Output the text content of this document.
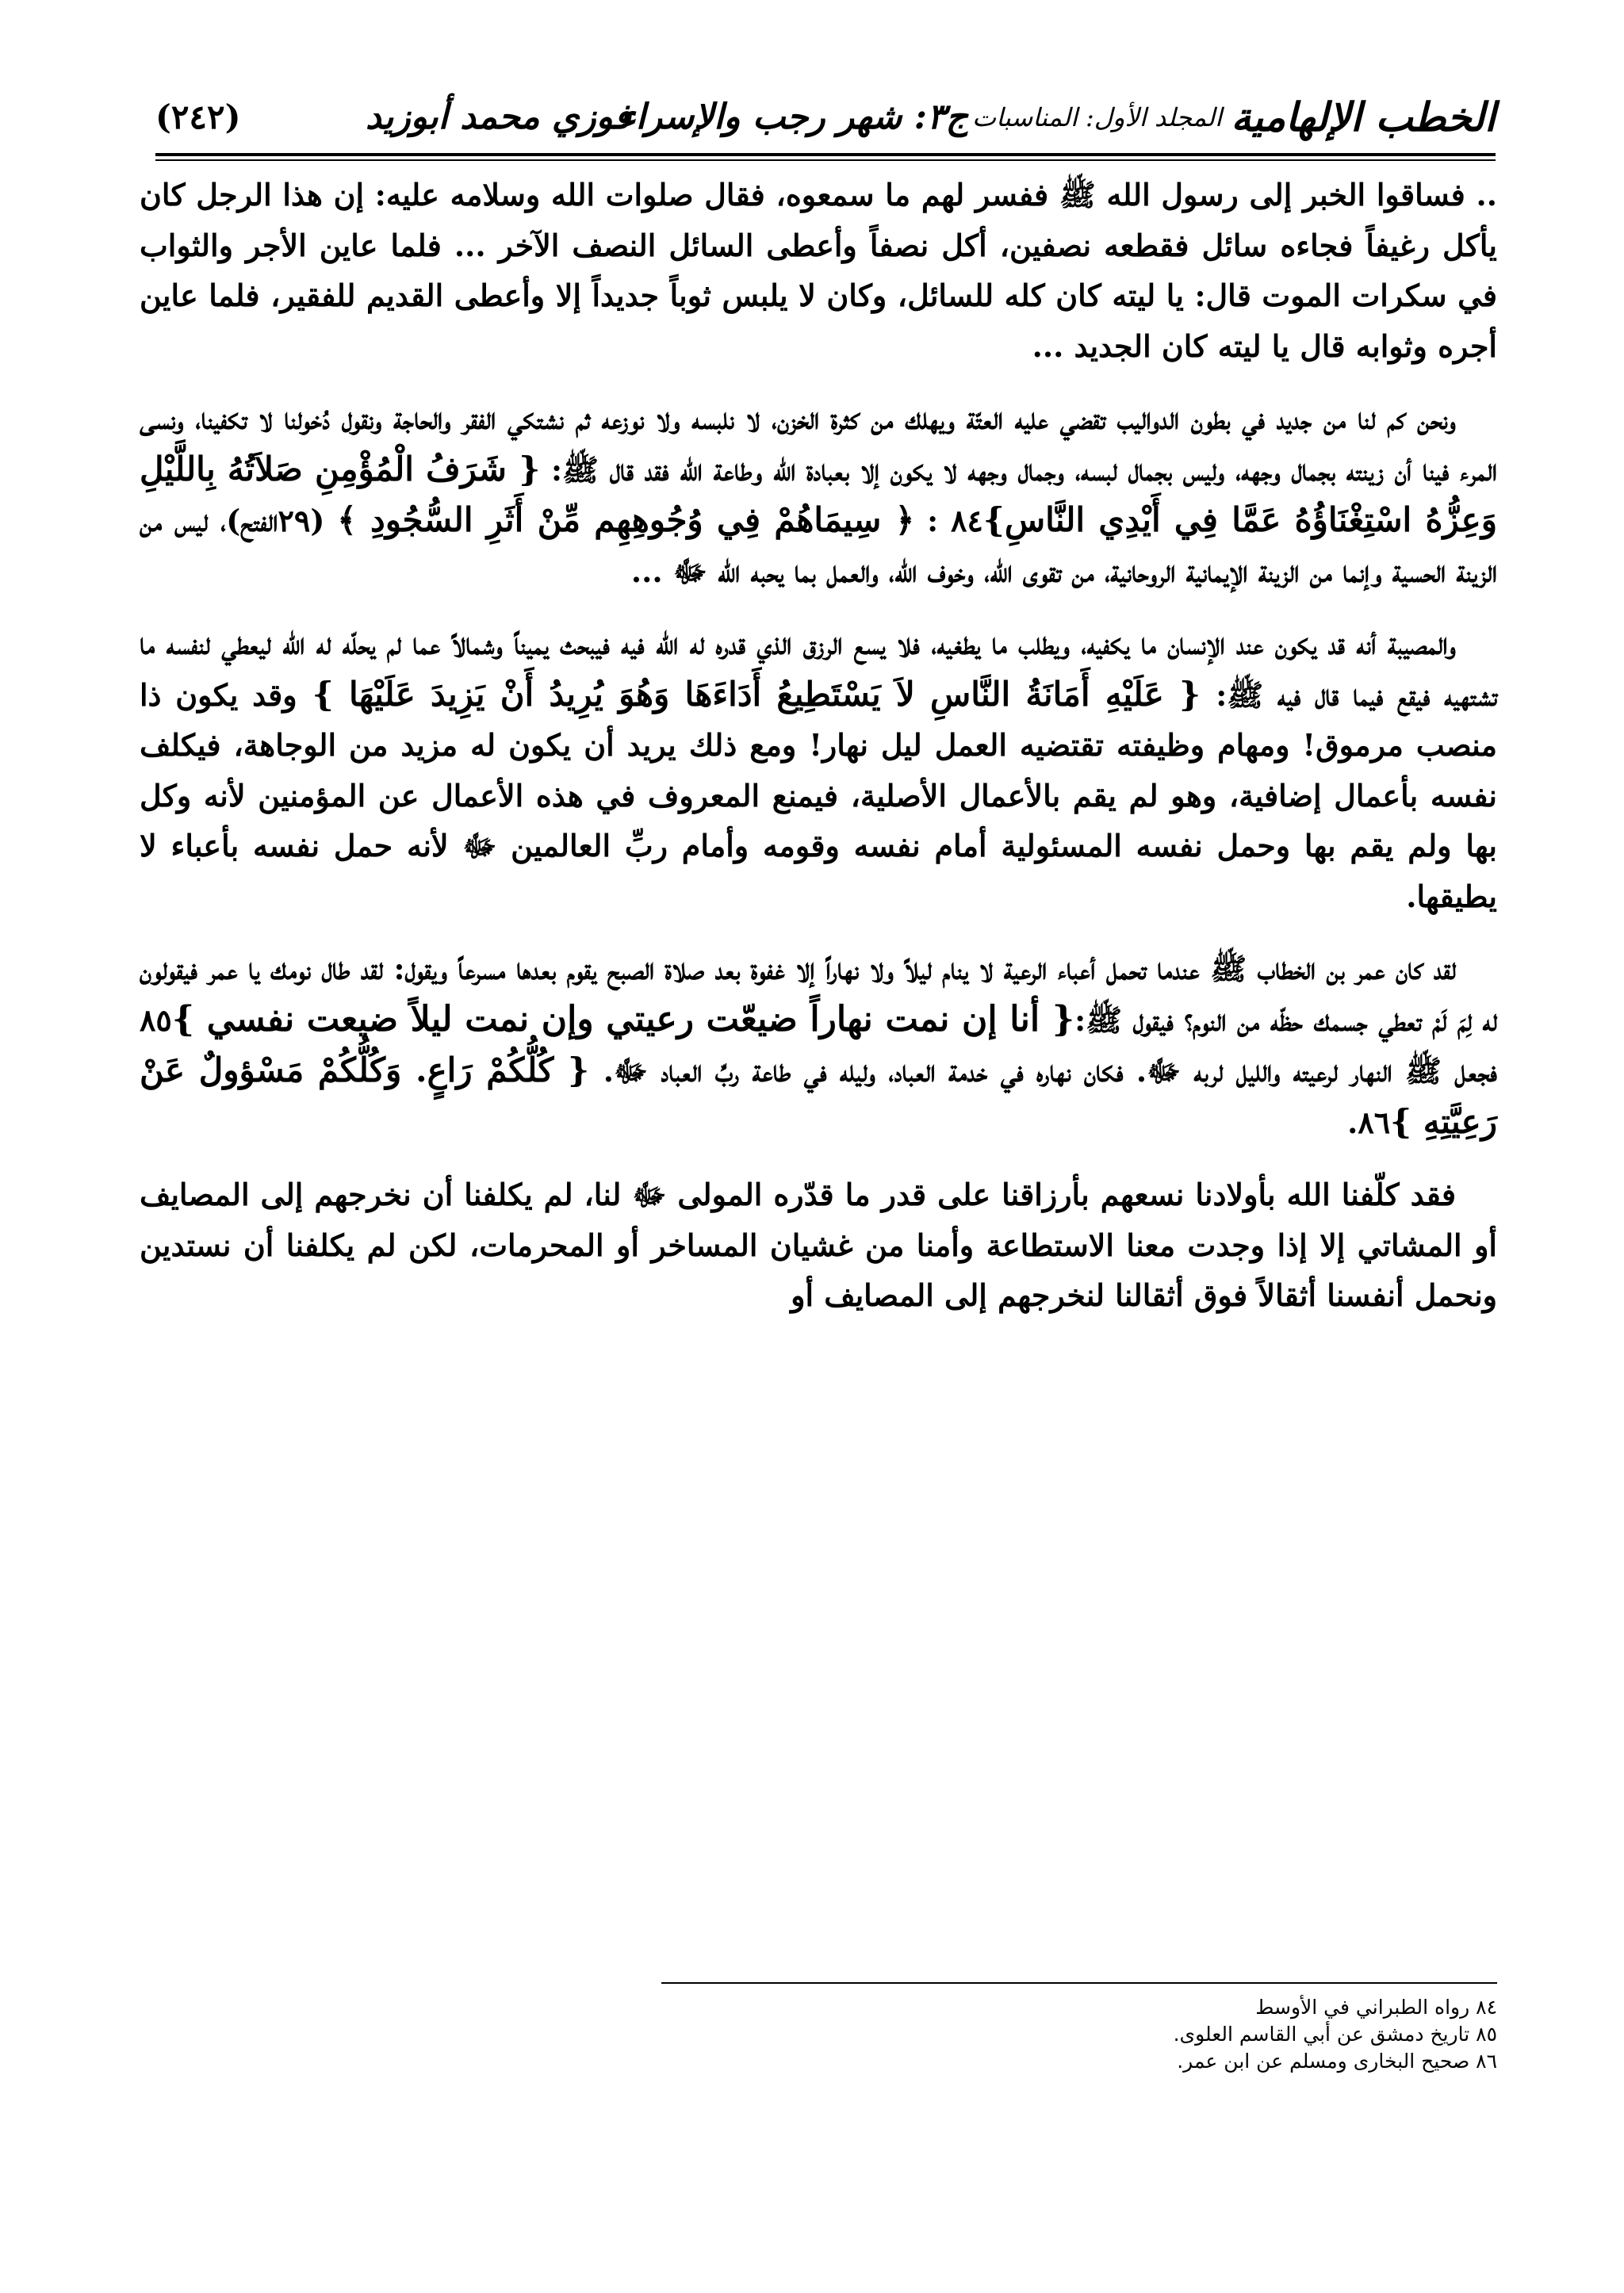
الخطب الإلهامية
المجلد الأول: المناسبات
ج٣: شهر رجب والإسراء
فوزي محمد أبوزيد
(٢٤٢)

.. فساقوا الخبر إلى رسول الله ﷺ ففسر لهم ما سمعوه، فقال صلوات الله وسلامه عليه: إن هذا الرجل كان يأكل رغيفاً فجاءه سائل فقطعه نصفين، أكل نصفاً وأعطى السائل النصف الآخر ... فلما عاين الأجر والثواب في سكرات الموت قال: يا ليته كان كله للسائل، وكان لا يلبس ثوباً جديداً إلا وأعطى القديم للفقير، فلما عاين أجره وثوابه قال يا ليته كان الجديد ...

ونحن كم لنا من جديد في بطون الدواليب تقضي عليه العتّة ويهلك من كثرة الخزن، لا نلبسه ولا نوزعه ثم نشتكي الفقر والحاجة ونقول دُخولنا لا تكفينا، ونسى المرء فينا أن زينته بجمال وجهه، وليس بجمال لبسه، وجمال وجهه لا يكون إلا بعبادة الله وطاعة الله فقد قال ﷺ: { شَرَفُ الْمُؤْمِنِ صَلاَتُهُ بِاللَّيْلِ وَعِزُّهُ اسْتِغْنَاؤُهُ عَمَّا فِي أَيْدِي النَّاسِ}٨٤ : ﴿ سِيمَاهُمْ فِي وُجُوهِهِم مِّنْ أَثَرِ السُّجُودِ ﴾ (٢٩الفتح)، ليس من الزينة الحسية وإنما من الزينة الإيمانية الروحانية، من تقوى الله، وخوف الله، والعمل بما يحبه الله ﷻ ...

والمصيبة أنه قد يكون عند الإنسان ما يكفيه، ويطلب ما يطغيه، فلا يسع الرزق الذي قدره له الله فيه فيبحث يميناً وشمالاً عما لم يحلّه له الله ليعطي لنفسه ما تشتهيه فيقع فيما قال فيه ﷺ: { عَلَيْهِ أَمَانَةُ النَّاسِ لاَ يَسْتَطِيعُ أَدَاءَهَا وَهُوَ يُرِيدُ أَنْ يَزِيدَ عَلَيْهَا } وقد يكون ذا منصب مرموق! ومهام وظيفته تقتضيه العمل ليل نهار! ومع ذلك يريد أن يكون له مزيد من الوجاهة، فيكلف نفسه بأعمال إضافية، وهو لم يقم بالأعمال الأصلية، فيمنع المعروف في هذه الأعمال عن المؤمنين لأنه وكل بها ولم يقم بها وحمل نفسه المسئولية أمام نفسه وقومه وأمام ربِّ العالمين ﷻ لأنه حمل نفسه بأعباء لا يطيقها.

لقد كان عمر بن الخطاب ﷺ عندما تحمل أعباء الرعية لا ينام ليلاً ولا نهاراً إلا غفوة بعد صلاة الصبح يقوم بعدها مسرعاً ويقول: لقد طال نومك يا عمر فيقولون له لِمَ لَمْ تعطي جسمك حظّه من النوم؟ فيقول ﷺ:{ أنا إن نمت نهاراً ضيعّت رعيتي وإن نمت ليلاً ضيعت نفسي }٨٥ فجعل ﷺ النهار لرعيته والليل لربه ﷻ. فكان نهاره في خدمة العباد، وليله في طاعة ربِّ العباد ﷻ. { كُلُّكُمْ رَاعٍ. وَكُلُّكُمْ مَسْؤولٌ عَنْ رَعِيَّتِهِ }٨٦.

فقد كلّفنا الله بأولادنا نسعهم بأرزاقنا على قدر ما قدّره المولى ﷻ لنا، لم يكلفنا أن نخرجهم إلى المصايف أو المشاتي إلا إذا وجدت معنا الاستطاعة وأمنا من غشيان المساخر أو المحرمات، لكن لم يكلفنا أن نستدين ونحمل أنفسنا أثقالاً فوق أثقالنا لنخرجهم إلى المصايف أو

٨٤ رواه الطبراني في الأوسط

٨٥ تاريخ دمشق عن أبي القاسم العلوى.

٨٦ صحيح البخارى ومسلم عن ابن عمر.
